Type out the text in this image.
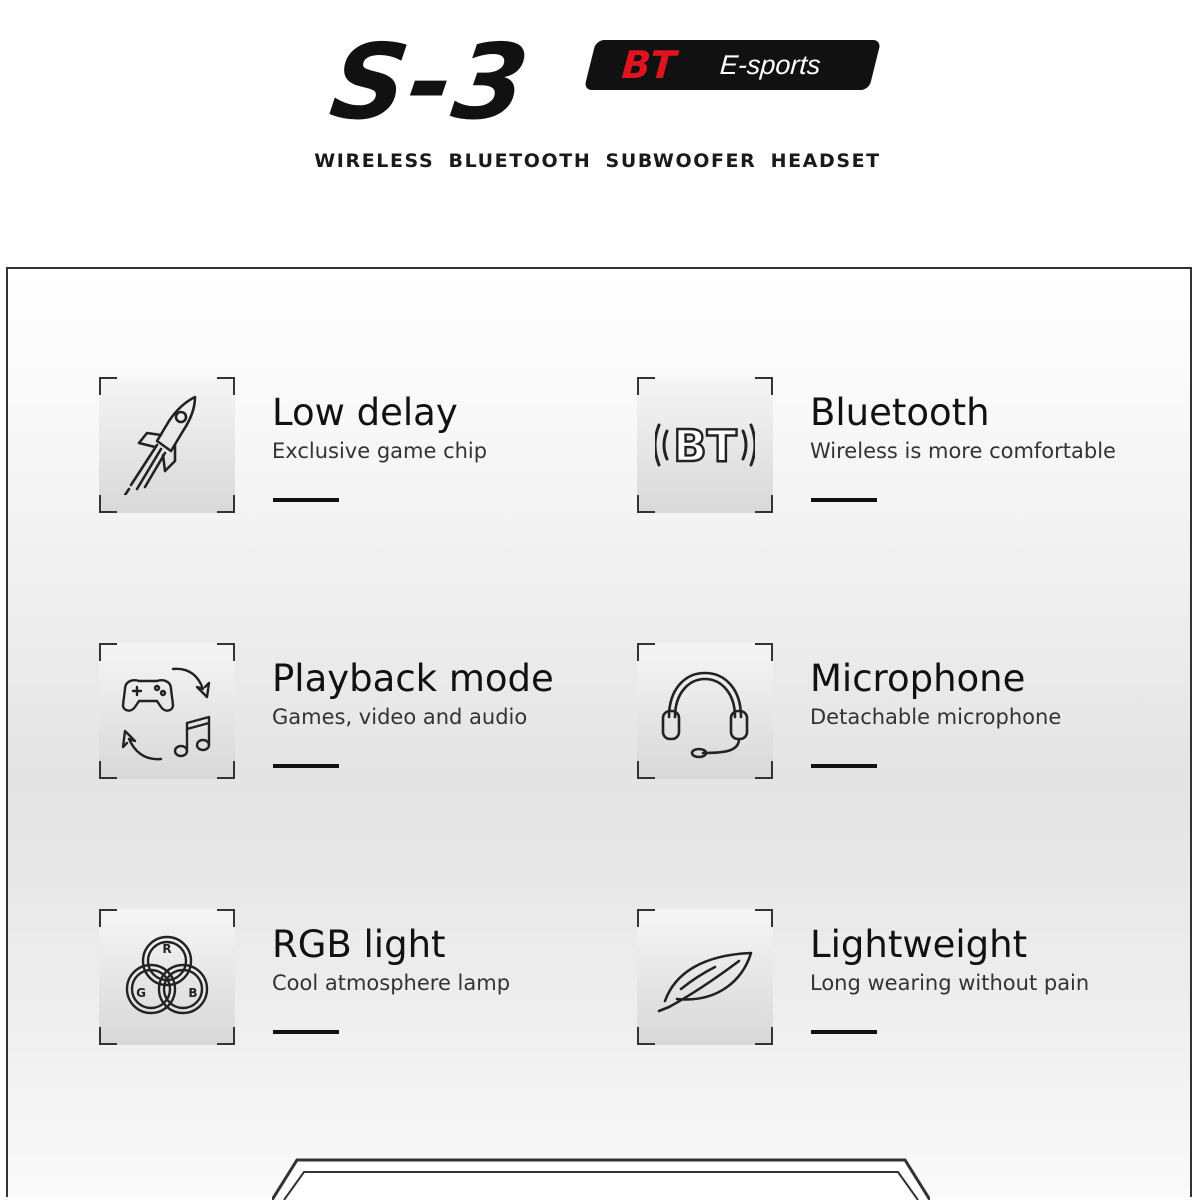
S-3 BT E-sports
WIRELESS BLUETOOTH SUBWOOFER HEADSET
Low delay
Exclusive game chip	BT
Bluetooth
Wireless is more comfortable
Playback mode
Games, video and audio
Microphone
Detachable microphone
R
G	B
RGB light
Cool atmosphere lamp
Lightweight
Long wearing without pain
